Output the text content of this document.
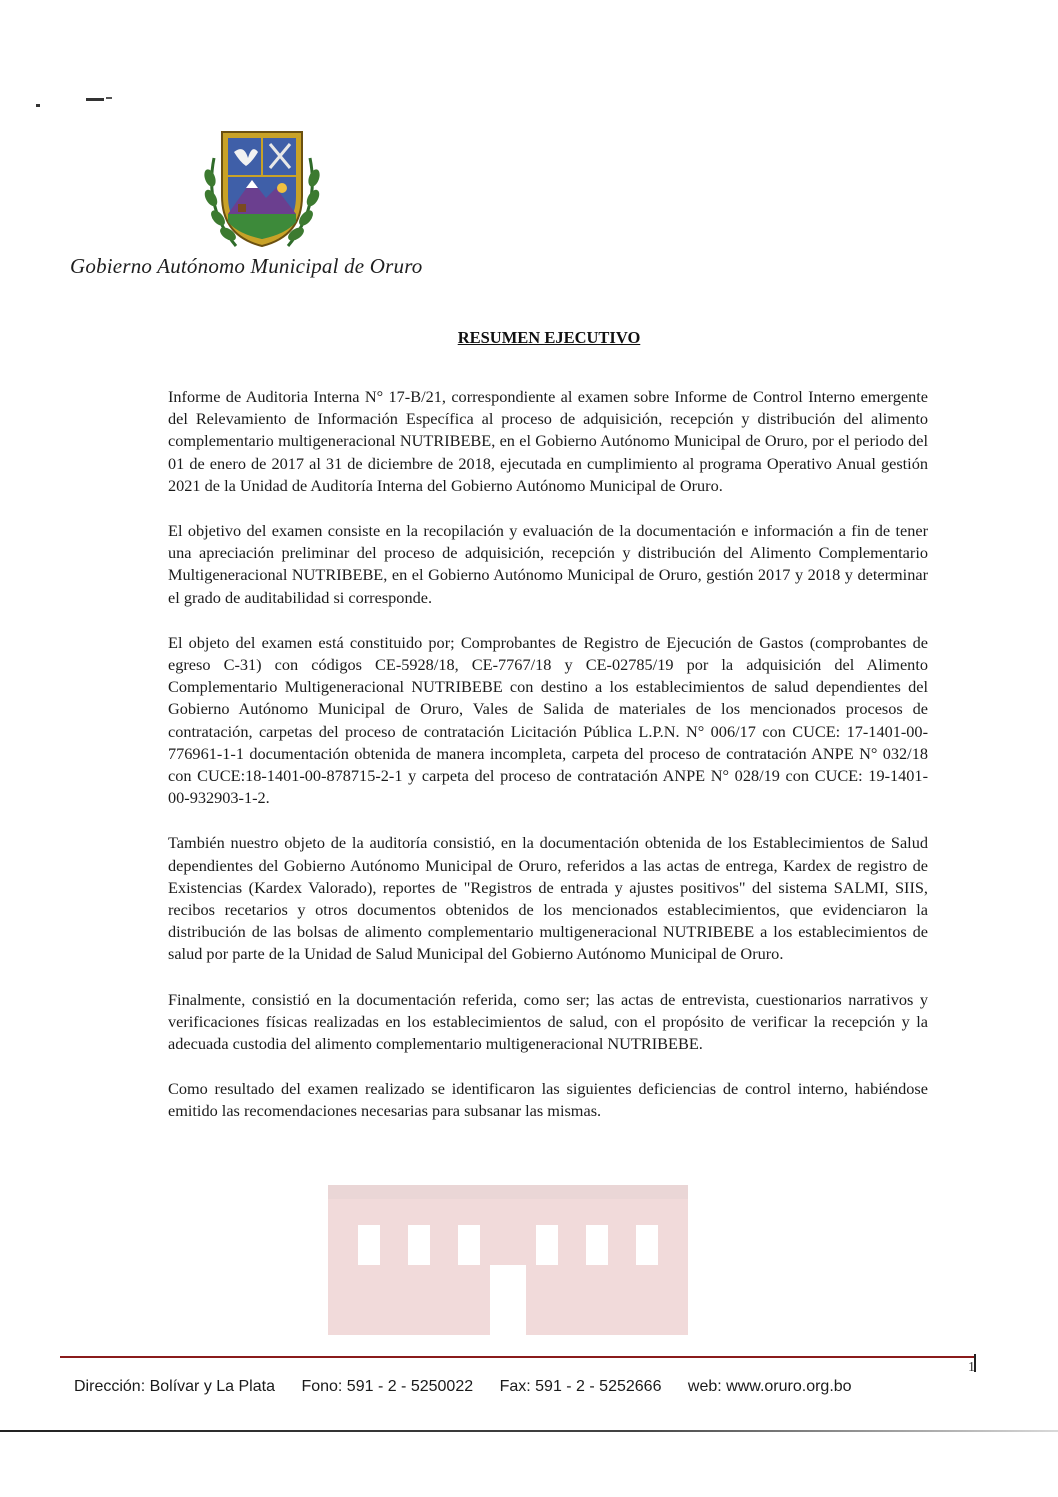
Gobierno Autónomo Municipal de Oruro
RESUMEN EJECUTIVO

Informe de Auditoria Interna N° 17-B/21, correspondiente al examen sobre Informe de Control Interno emergente del Relevamiento de Información Específica al proceso de adquisición, recepción y distribución del alimento complementario multigeneracional NUTRIBEBE, en el Gobierno Autónomo Municipal de Oruro, por el periodo del 01 de enero de 2017 al 31 de diciembre de 2018, ejecutada en cumplimiento al programa Operativo Anual gestión 2021 de la Unidad de Auditoría Interna del Gobierno Autónomo Municipal de Oruro.

El objetivo del examen consiste en la recopilación y evaluación de la documentación e información a fin de tener una apreciación preliminar del proceso de adquisición, recepción y distribución del Alimento Complementario Multigeneracional NUTRIBEBE, en el Gobierno Autónomo Municipal de Oruro, gestión 2017 y 2018 y determinar el grado de auditabilidad si corresponde.

El objeto del examen está constituido por; Comprobantes de Registro de Ejecución de Gastos (comprobantes de egreso C-31) con códigos CE-5928/18, CE-7767/18 y CE-02785/19 por la adquisición del Alimento Complementario Multigeneracional NUTRIBEBE con destino a los establecimientos de salud dependientes del Gobierno Autónomo Municipal de Oruro, Vales de Salida de materiales de los mencionados procesos de contratación, carpetas del proceso de contratación Licitación Pública L.P.N. N° 006/17 con CUCE: 17-1401-00-776961-1-1 documentación obtenida de manera incompleta, carpeta del proceso de contratación ANPE N° 032/18 con CUCE:18-1401-00-878715-2-1 y carpeta del proceso de contratación ANPE N° 028/19 con CUCE: 19-1401-00-932903-1-2.

También nuestro objeto de la auditoría consistió, en la documentación obtenida de los Establecimientos de Salud dependientes del Gobierno Autónomo Municipal de Oruro, referidos a las actas de entrega, Kardex de registro de Existencias (Kardex Valorado), reportes de "Registros de entrada y ajustes positivos" del sistema SALMI, SIIS, recibos recetarios y otros documentos obtenidos de los mencionados establecimientos, que evidenciaron la distribución de las bolsas de alimento complementario multigeneracional NUTRIBEBE a los establecimientos de salud por parte de la Unidad de Salud Municipal del Gobierno Autónomo Municipal de Oruro.

Finalmente, consistió en la documentación referida, como ser; las actas de entrevista, cuestionarios narrativos y verificaciones físicas realizadas en los establecimientos de salud, con el propósito de verificar la recepción y la adecuada custodia del alimento complementario multigeneracional NUTRIBEBE.

Como resultado del examen realizado se identificaron las siguientes deficiencias de control interno, habiéndose emitido las recomendaciones necesarias para subsanar las mismas.

1
Dirección: Bolívar y La Plata Fono: 591 - 2 - 5250022 Fax: 591 - 2 - 5252666 web: www.oruro.org.bo
